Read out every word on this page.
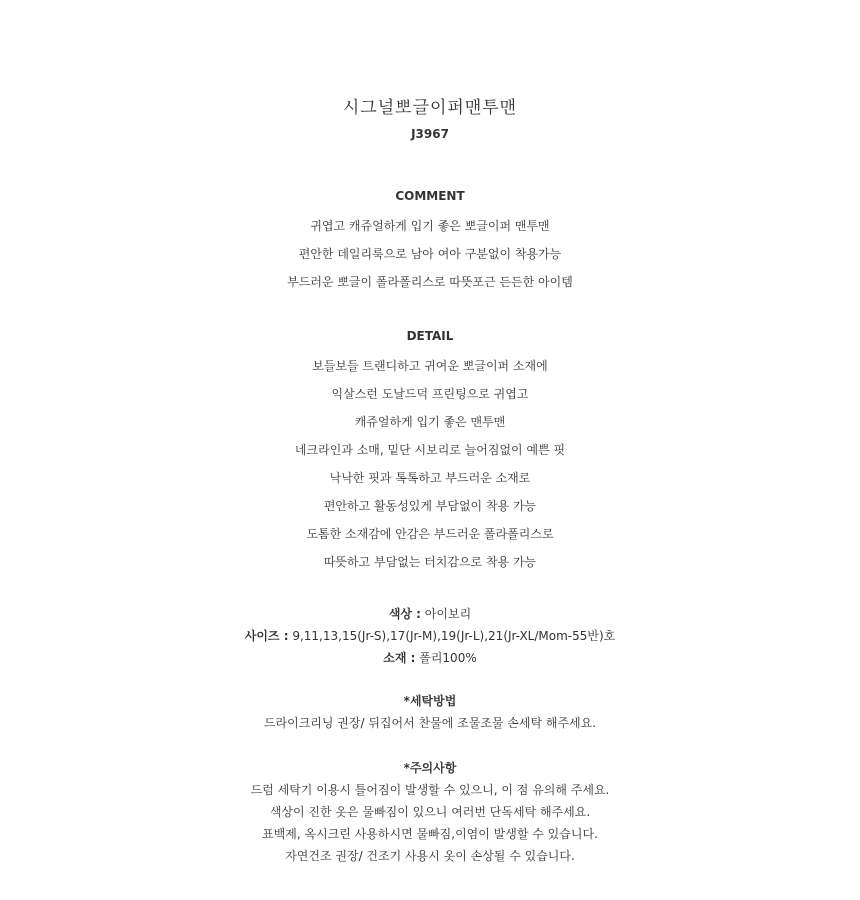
시그널뽀글이퍼맨투맨
J3967
COMMENT
귀엽고 캐쥬얼하게 입기 좋은 뽀글이퍼 맨투맨
편안한 데일리룩으로 남아 여아 구분없이 착용가능
부드러운 뽀글이 폴라폴리스로 따뜻포근 든든한 아이템
DETAIL
보들보들 트랜디하고 귀여운 뽀글이퍼 소재에
익살스런 도날드덕 프린팅으로 귀엽고
캐쥬얼하게 입기 좋은 맨투맨
네크라인과 소매, 밑단 시보리로 늘어짐없이 예쁜 핏
낙낙한 핏과 톡톡하고 부드러운 소재로
편안하고 활동성있게 부담없이 착용 가능
도톰한 소재감에 안감은 부드러운 폴라폴리스로
따뜻하고 부담없는 터치감으로 착용 가능
색상 : 아이보리
사이즈 : 9,11,13,15(Jr-S),17(Jr-M),19(Jr-L),21(Jr-XL/Mom-55반)호
소재 : 폴리100%
*세탁방법
드라이크리닝 권장/ 뒤집어서 찬물에 조물조물 손세탁 해주세요.
*주의사항
드럼 세탁기 이용시 틀어짐이 발생할 수 있으니, 이 점 유의해 주세요.
색상이 진한 옷은 물빠짐이 있으니 여러번 단독세탁 해주세요.
표백제, 옥시크린 사용하시면 물빠짐,이염이 발생할 수 있습니다.
자연건조 권장/ 건조기 사용시 옷이 손상될 수 있습니다.
